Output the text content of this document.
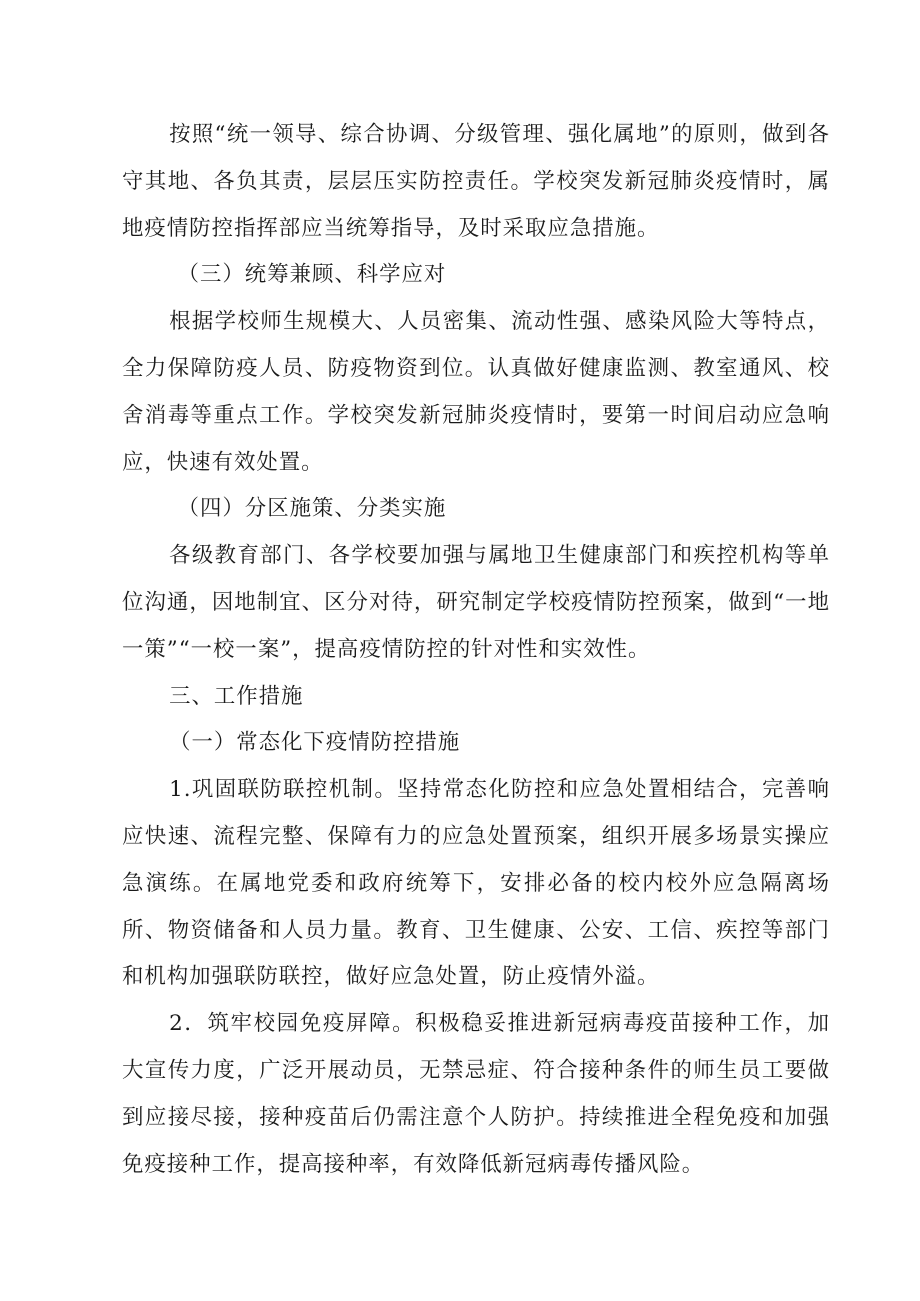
按照“统一领导、综合协调、分级管理、强化属地”的原则，做到各守其地、各负其责，层层压实防控责任。学校突发新冠肺炎疫情时，属地疫情防控指挥部应当统筹指导，及时采取应急措施。

（三）统筹兼顾、科学应对

根据学校师生规模大、人员密集、流动性强、感染风险大等特点，全力保障防疫人员、防疫物资到位。认真做好健康监测、教室通风、校舍消毒等重点工作。学校突发新冠肺炎疫情时，要第一时间启动应急响应，快速有效处置。

（四）分区施策、分类实施

各级教育部门、各学校要加强与属地卫生健康部门和疾控机构等单位沟通，因地制宜、区分对待，研究制定学校疫情防控预案，做到“一地一策”“一校一案”，提高疫情防控的针对性和实效性。

三、工作措施

（一）常态化下疫情防控措施

1.巩固联防联控机制。坚持常态化防控和应急处置相结合，完善响应快速、流程完整、保障有力的应急处置预案，组织开展多场景实操应急演练。在属地党委和政府统筹下，安排必备的校内校外应急隔离场所、物资储备和人员力量。教育、卫生健康、公安、工信、疾控等部门和机构加强联防联控，做好应急处置，防止疫情外溢。

2．筑牢校园免疫屏障。积极稳妥推进新冠病毒疫苗接种工作，加大宣传力度，广泛开展动员，无禁忌症、符合接种条件的师生员工要做到应接尽接，接种疫苗后仍需注意个人防护。持续推进全程免疫和加强免疫接种工作，提高接种率，有效降低新冠病毒传播风险。
